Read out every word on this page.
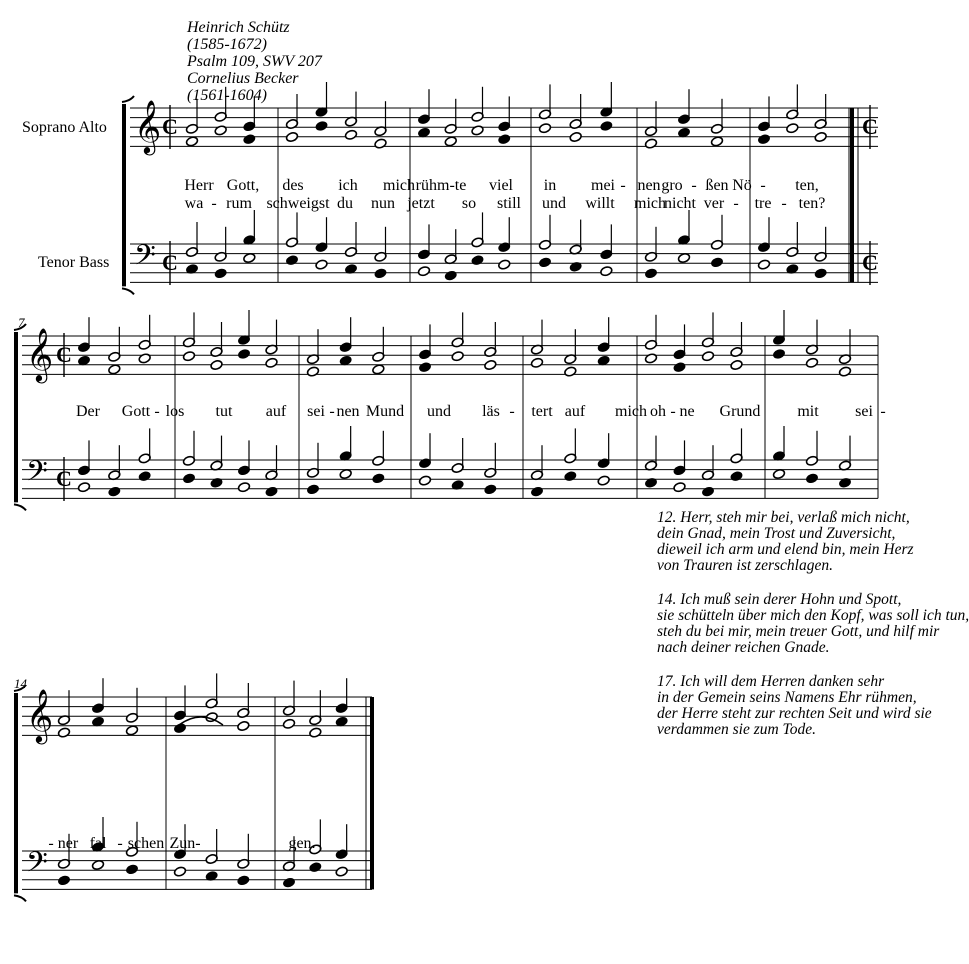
Heinrich Schütz
(1585-1672)
Psalm 109, SWV 207
Cornelius Becker
(1561-1604)
Soprano Alto
Tenor Bass
𝄞
𝄢
C
C
C
C
Herr Gott, des ich mich rühm-te viel in mei - nen gro - ßen Nö - ten,
wa - rum schweigst du nun jetzt so still und willt mich
nicht ver - tre - ten?
7
𝄞
𝄢
C
C
Der Gott - los tut auf sei - nen Mund und läs - tert auf mich oh - ne Grund mit sei -
14
𝄞
𝄢
- ner fal - schen Zun-	gen.
12. Herr, steh mir bei, verlaß mich nicht,
dein Gnad, mein Trost und Zuversicht,
dieweil ich arm und elend bin, mein Herz
von Trauren ist zerschlagen.
14. Ich muß sein derer Hohn und Spott,
sie schütteln über mich den Kopf, was soll ich tun,
steh du bei mir, mein treuer Gott, und hilf mir
nach deiner reichen Gnade.
17. Ich will dem Herren danken sehr
in der Gemein seins Namens Ehr rühmen,
der Herre steht zur rechten Seit und wird sie
verdammen sie zum Tode.
